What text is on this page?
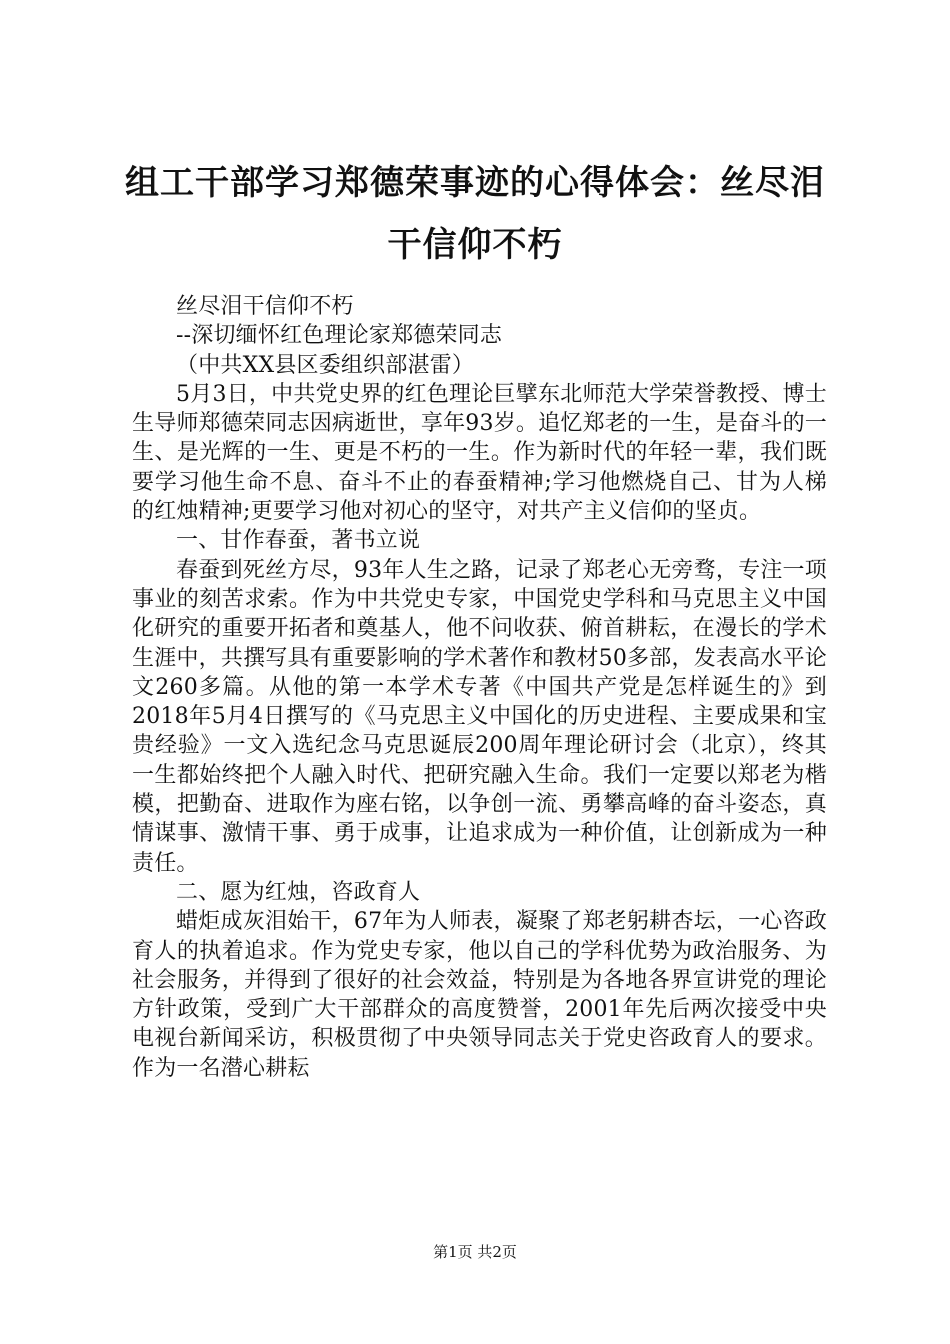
组工干部学习郑德荣事迹的心得体会：丝尽泪
干信仰不朽

丝尽泪干信仰不朽

--深切缅怀红色理论家郑德荣同志

（中共XX县区委组织部湛雷）

5月3日，中共党史界的红色理论巨擘东北师范大学荣誉教授、博士生导师郑德荣同志因病逝世，享年93岁。追忆郑老的一生，是奋斗的一生、是光辉的一生、更是不朽的一生。作为新时代的年轻一辈，我们既要学习他生命不息、奋斗不止的春蚕精神;学习他燃烧自己、甘为人梯的红烛精神;更要学习他对初心的坚守，对共产主义信仰的坚贞。

一、甘作春蚕，著书立说

春蚕到死丝方尽，93年人生之路，记录了郑老心无旁骛，专注一项事业的刻苦求索。作为中共党史专家，中国党史学科和马克思主义中国化研究的重要开拓者和奠基人，他不问收获、俯首耕耘，在漫长的学术生涯中，共撰写具有重要影响的学术著作和教材50多部，发表高水平论文260多篇。从他的第一本学术专著《中国共产党是怎样诞生的》到2018年5月4日撰写的《马克思主义中国化的历史进程、主要成果和宝贵经验》一文入选纪念马克思诞辰200周年理论研讨会（北京），终其一生都始终把个人融入时代、把研究融入生命。我们一定要以郑老为楷模，把勤奋、进取作为座右铭，以争创一流、勇攀高峰的奋斗姿态，真情谋事、激情干事、勇于成事，让追求成为一种价值，让创新成为一种责任。

二、愿为红烛，咨政育人

蜡炬成灰泪始干，67年为人师表，凝聚了郑老躬耕杏坛，一心咨政育人的执着追求。作为党史专家，他以自己的学科优势为政治服务、为社会服务，并得到了很好的社会效益，特别是为各地各界宣讲党的理论方针政策，受到广大干部群众的高度赞誉，2001年先后两次接受中央电视台新闻采访，积极贯彻了中央领导同志关于党史咨政育人的要求。作为一名潜心耕耘

第1页 共2页
